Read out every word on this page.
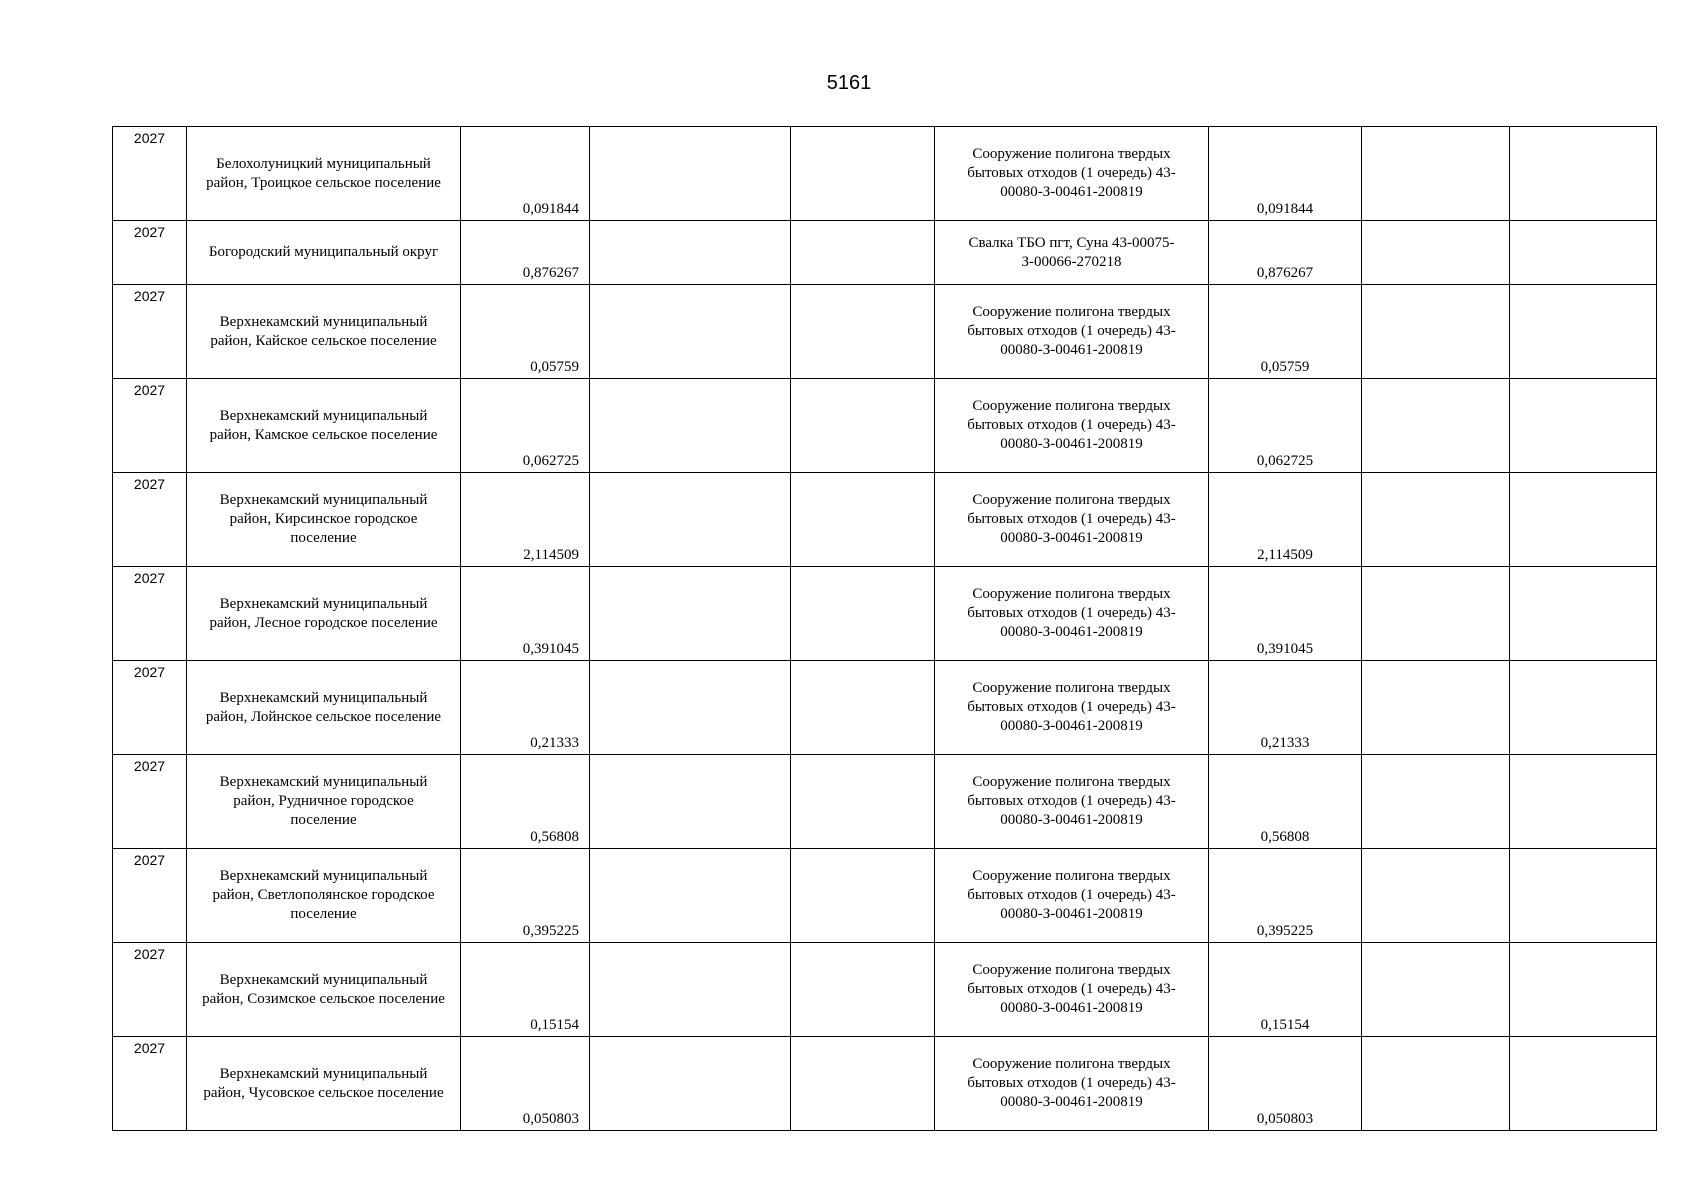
5161
2027	Белохолуницкий муниципальный район, Троицкое сельское поселение	0,091844			Сооружение полигона твердых бытовых отходов (1 очередь) 43-00080-З-00461-200819	0,091844		
2027	Богородский муниципальный округ	0,876267			Свалка ТБО пгт, Суна 43-00075-З-00066-270218	0,876267		
2027	Верхнекамский муниципальный район, Кайское сельское поселение	0,05759			Сооружение полигона твердых бытовых отходов (1 очередь) 43-00080-З-00461-200819	0,05759		
2027	Верхнекамский муниципальный район, Камское сельское поселение	0,062725			Сооружение полигона твердых бытовых отходов (1 очередь) 43-00080-З-00461-200819	0,062725		
2027	Верхнекамский муниципальный район, Кирсинское городское поселение	2,114509			Сооружение полигона твердых бытовых отходов (1 очередь) 43-00080-З-00461-200819	2,114509		
2027	Верхнекамский муниципальный район, Лесное городское поселение	0,391045			Сооружение полигона твердых бытовых отходов (1 очередь) 43-00080-З-00461-200819	0,391045		
2027	Верхнекамский муниципальный район, Лойнское сельское поселение	0,21333			Сооружение полигона твердых бытовых отходов (1 очередь) 43-00080-З-00461-200819	0,21333		
2027	Верхнекамский муниципальный район, Рудничное городское поселение	0,56808			Сооружение полигона твердых бытовых отходов (1 очередь) 43-00080-З-00461-200819	0,56808		
2027	Верхнекамский муниципальный район, Светлополянское городское поселение	0,395225			Сооружение полигона твердых бытовых отходов (1 очередь) 43-00080-З-00461-200819	0,395225		
2027	Верхнекамский муниципальный район, Созимское сельское поселение	0,15154			Сооружение полигона твердых бытовых отходов (1 очередь) 43-00080-З-00461-200819	0,15154		
2027	Верхнекамский муниципальный район, Чусовское сельское поселение	0,050803			Сооружение полигона твердых бытовых отходов (1 очередь) 43-00080-З-00461-200819	0,050803		
